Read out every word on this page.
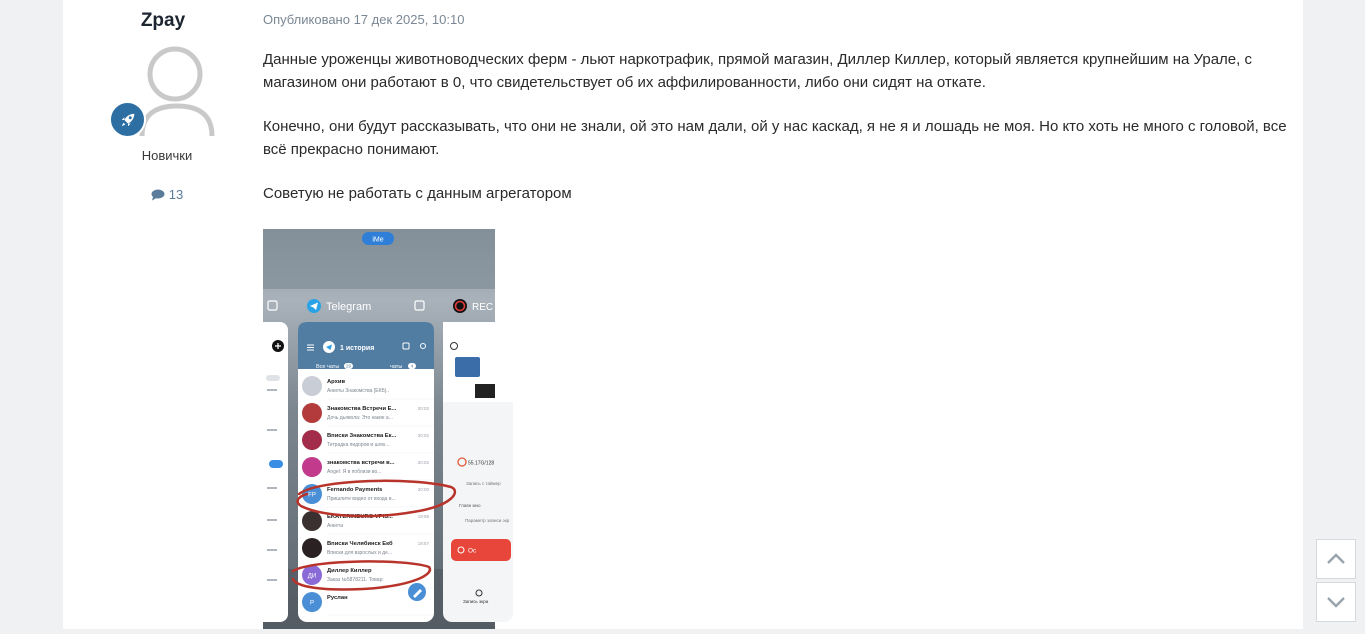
Zpay
Новички
13
Опубликовано 17 дек 2025, 10:10

Данные уроженцы животноводческих ферм - льют наркотрафик, прямой магазин, Диллер Киллер, который является крупнейшим на Урале, с магазином они работают в 0, что свидетельствует об их аффилированности, либо они сидят на откате.

Конечно, они будут рассказывать, что они не знали, ой это нам дали, ой у нас каскад, я не я и лошадь не моя. Но кто хоть не много с головой, все всё прекрасно понимают.

Советую не работать с данным агрегатором

iMe
Telegram	REC
1 история
Все чаты 29	чаты 4
Архив
Анкеты Знакомства [ЕКБ]..
Знакомства Встречи Е...
Дочь дьявола: Это какие а...
20:02
Вписки Знакомства Ек...
Тетрадка пидоров и шлю...
20:02
знакомства встречи в...
Angel: Я в поблизи во...
20:02
FP
Fernando Payments
Пришлите видео от входа в...
20:00
EKATERINBURG VPIS...
Анкета
19:58
Вписки Челябинск Екб
Вписки для взрослых и де...
19:57
ДИ
Диллер Киллер
Заказ №5878211. Товар:
Р
Руслан
55.17G/128
Запись с таймер
Главн мно
Параметр записи экр
Ос
Запись экра
